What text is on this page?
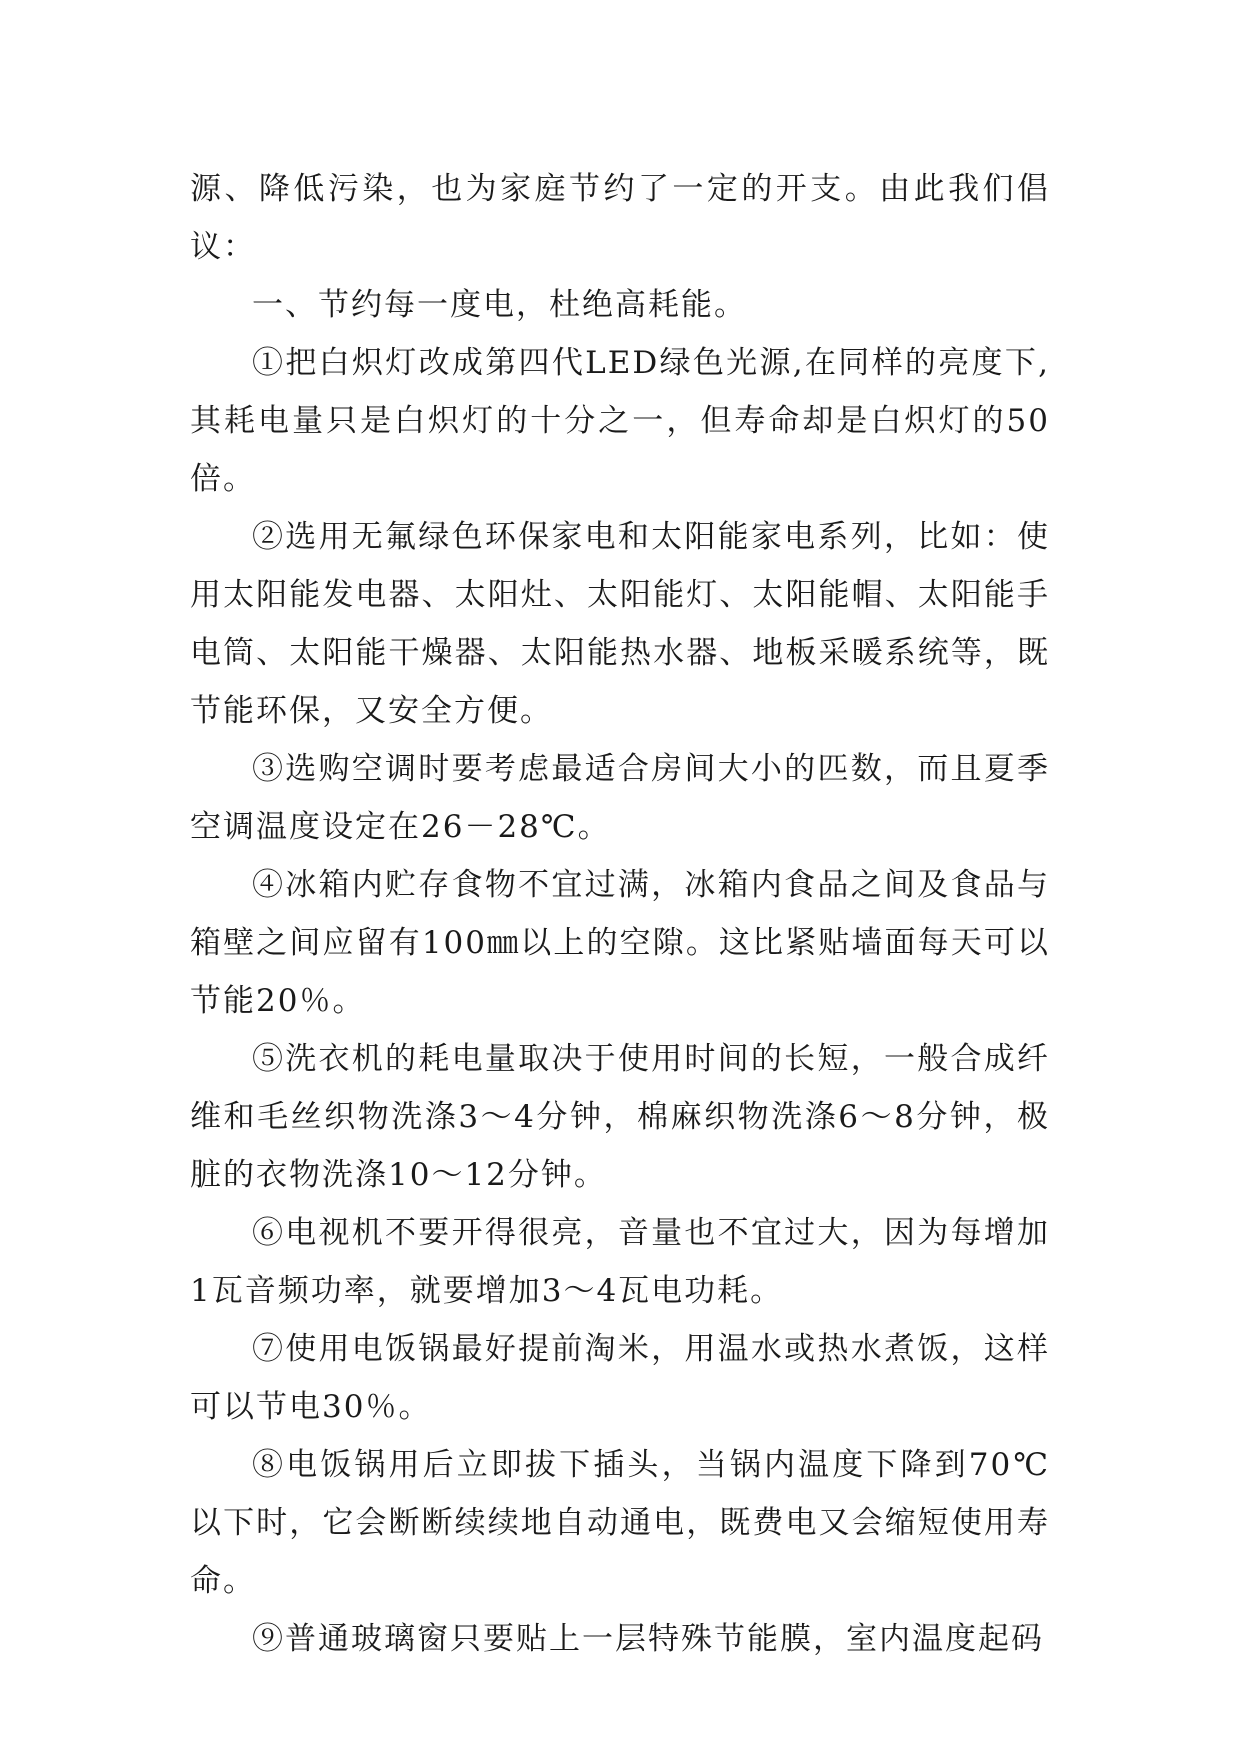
源、降低污染，也为家庭节约了一定的开支。由此我们倡议：

一、节约每一度电，杜绝高耗能。

①把白炽灯改成第四代LED绿色光源,在同样的亮度下,其耗电量只是白炽灯的十分之一，但寿命却是白炽灯的50倍。

②选用无氟绿色环保家电和太阳能家电系列，比如：使用太阳能发电器、太阳灶、太阳能灯、太阳能帽、太阳能手电筒、太阳能干燥器、太阳能热水器、地板采暖系统等，既节能环保，又安全方便。

③选购空调时要考虑最适合房间大小的匹数，而且夏季空调温度设定在26－28℃。

④冰箱内贮存食物不宜过满，冰箱内食品之间及食品与箱壁之间应留有100㎜以上的空隙。这比紧贴墙面每天可以节能20％。

⑤洗衣机的耗电量取决于使用时间的长短，一般合成纤维和毛丝织物洗涤3～4分钟，棉麻织物洗涤6～8分钟，极脏的衣物洗涤10～12分钟。

⑥电视机不要开得很亮，音量也不宜过大，因为每增加1瓦音频功率，就要增加3～4瓦电功耗。

⑦使用电饭锅最好提前淘米，用温水或热水煮饭，这样可以节电30％。

⑧电饭锅用后立即拔下插头，当锅内温度下降到70℃以下时，它会断断续续地自动通电，既费电又会缩短使用寿命。

⑨普通玻璃窗只要贴上一层特殊节能膜，室内温度起码
